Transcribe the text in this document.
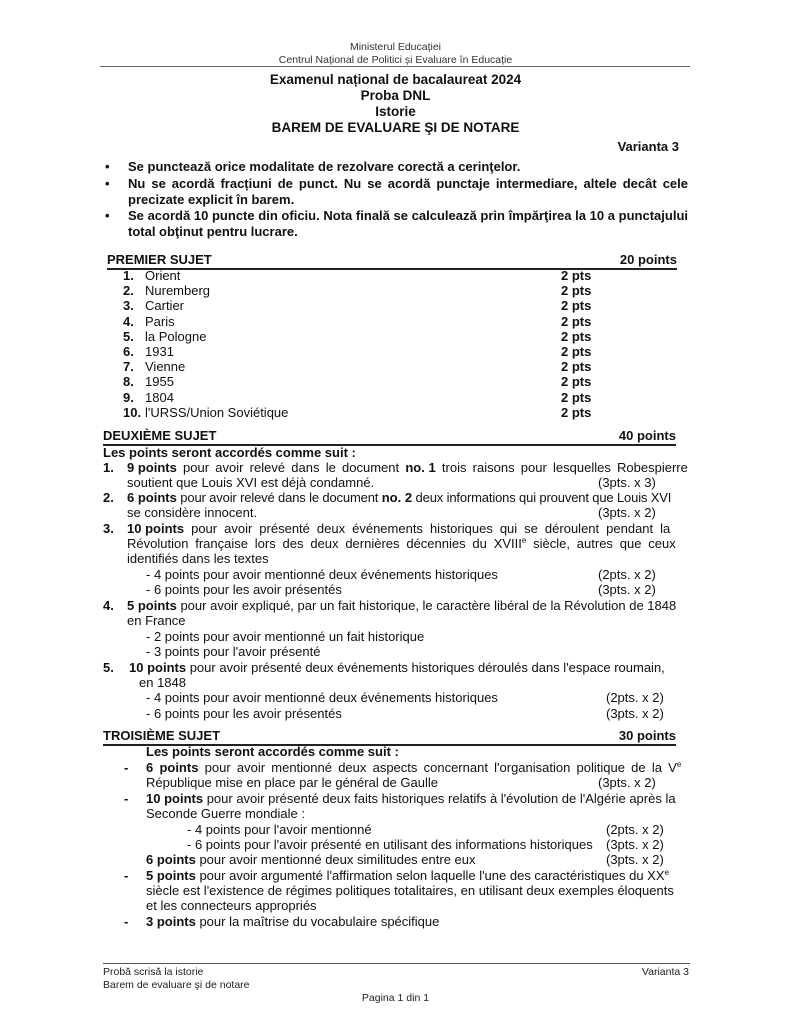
Ministerul Educației
Centrul Național de Politici și Evaluare în Educație
Examenul național de bacalaureat 2024
Proba DNL
Istorie
BAREM DE EVALUARE ŞI DE NOTARE
Varianta 3
• Se punctează orice modalitate de rezolvare corectă a cerinţelor.
• Nu se acordă fracțiuni de punct. Nu se acordă punctaje intermediare, altele decât cele precizate explicit în barem.
• Se acordă 10 puncte din oficiu. Nota finală se calculează prin împărţirea la 10 a punctajului total obţinut pentru lucrare.
PREMIER SUJET	20 points
1. Orient	2 pts
2. Nuremberg	2 pts
3. Cartier	2 pts
4. Paris	2 pts
5. la Pologne	2 pts
6. 1931	2 pts
7. Vienne	2 pts
8. 1955	2 pts
9. 1804	2 pts
10. l'URSS/Union Soviétique	2 pts
DEUXIÈME SUJET	40 points
Les points seront accordés comme suit :
1. 9 points pour avoir relevé dans le document no. 1 trois raisons pour lesquelles Robespierre
soutient que Louis XVI est déjà condamné.	(3pts. x 3)
2. 6 points pour avoir relevé dans le document no. 2 deux informations qui prouvent que Louis XVI
se considère innocent.	(3pts. x 2)
3. 10 points pour avoir présenté deux événements historiques qui se déroulent pendant la
Révolution française lors des deux dernières décennies du XVIIIe siècle, autres que ceux
identifiés dans les textes
- 4 points pour avoir mentionné deux événements historiques	(2pts. x 2)
- 6 points pour les avoir présentés	(3pts. x 2)
4. 5 points pour avoir expliqué, par un fait historique, le caractère libéral de la Révolution de 1848
en France
- 2 points pour avoir mentionné un fait historique
- 3 points pour l'avoir présenté
5. 10 points pour avoir présenté deux événements historiques déroulés dans l'espace roumain,
en 1848
- 4 points pour avoir mentionné deux événements historiques	(2pts. x 2)
- 6 points pour les avoir présentés	(3pts. x 2)
TROISIÈME SUJET	30 points
Les points seront accordés comme suit :
- 6 points pour avoir mentionné deux aspects concernant l'organisation politique de la Ve
République mise en place par le général de Gaulle	(3pts. x 2)
- 10 points pour avoir présenté deux faits historiques relatifs à l'évolution de l'Algérie après la
Seconde Guerre mondiale :
- 4 points pour l'avoir mentionné	(2pts. x 2)
- 6 points pour l'avoir présenté en utilisant des informations historiques (3pts. x 2)
6 points pour avoir mentionné deux similitudes entre eux	(3pts. x 2)
- 5 points pour avoir argumenté l'affirmation selon laquelle l'une des caractéristiques du XXe
siècle est l'existence de régimes politiques totalitaires, en utilisant deux exemples éloquents
et les connecteurs appropriés
- 3 points pour la maîtrise du vocabulaire spécifique
Probă scrisă la istorie
Barem de evaluare şi de notare
Varianta 3
Pagina 1 din 1
